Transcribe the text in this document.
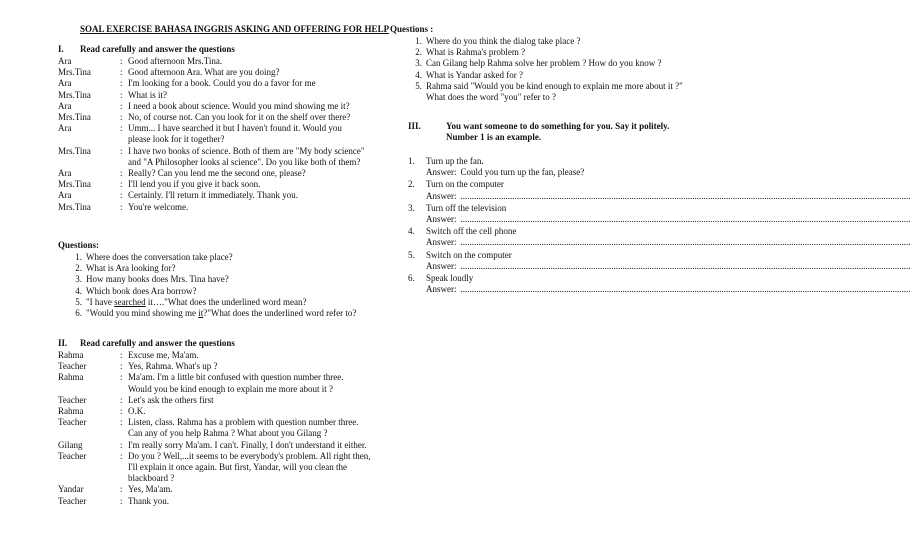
SOAL EXERCISE BAHASA INGGRIS ASKING AND OFFERING FOR HELP
I. Read carefully and answer the questions
Ara	: Good afternoon Mrs.Tina.
Mrs.Tina	: Good afternoon Ara. What are you doing?
Ara	: I'm looking for a book. Could you do a favor for me
Mrs.Tina	: What is it?
Ara	: I need a book about science. Would you mind showing me it?
Mrs.Tina	: No, of course not. Can you look for it on the shelf over there?
Ara	: Umm... I have searched it but I haven't found it. Would you
please look for it together?
Mrs.Tina	: I have two books of science. Both of them are "My body science"
and "A Philosopher looks al science". Do you like both of them?
Ara	: Really? Can you lend me the second one, please?
Mrs.Tina	: I'll lend you if you give it back soon.
Ara	: Certainly. I'll return it immediately. Thank you.
Mrs.Tina	: You're welcome.
Questions:
1. Where does the conversation take place?
2. What is Ara looking for?
3. How many books does Mrs. Tina have?
4. Which book does Ara borrow?
5. "I have searched it…."What does the underlined word mean?
6. "Would you mind showing me it?"What does the underlined word refer to?
II. Read carefully and answer the questions
Rahma	: Excuse me, Ma'am.
Teacher	: Yes, Rahma. What's up ?
Rahma	: Ma'am. I'm a little bit confused with question number three.
Would you be kind enough to explain me more about it ?
Teacher	: Let's ask the others first
Rahma	: O.K.
Teacher	: Listen, class. Rahma has a problem with question number three.
Can any of you help Rahma ? What about you Gilang ?
Gilang	: I'm really sorry Ma'am. I can't. Finally, I don't understand it either.
Teacher	: Do you ? Well,...it seems to be everybody's problem. All right then,
I'll explain it once again. But first, Yandar, will you clean the
blackboard ?
Yandar	: Yes, Ma'am.
Teacher	: Thank you.
Questions :
1. Where do you think the dialog take place ?
2. What is Rahma's problem ?
3. Can Gilang help Rahma solve her problem ? How do you know ?
4. What is Yandar asked for ?
5. Rahma said "Would you be kind enough to explain me more about it ?"
What does the word "you" refer to ?
III.	You want someone to do something for you. Say it politely.
Number 1 is an example.
1.	Turn up the fan.
Answer: Could you turn up the fan, please?
2.	Turn on the computer
Answer: ........................................................................................................................................................................................................
3.	Turn off the television
Answer: ........................................................................................................................................................................................................
4.	Switch off the cell phone
Answer: ........................................................................................................................................................................................................
5.	Switch on the computer
Answer: ........................................................................................................................................................................................................
6.	Speak loudly
Answer: ........................................................................................................................................................................................................
